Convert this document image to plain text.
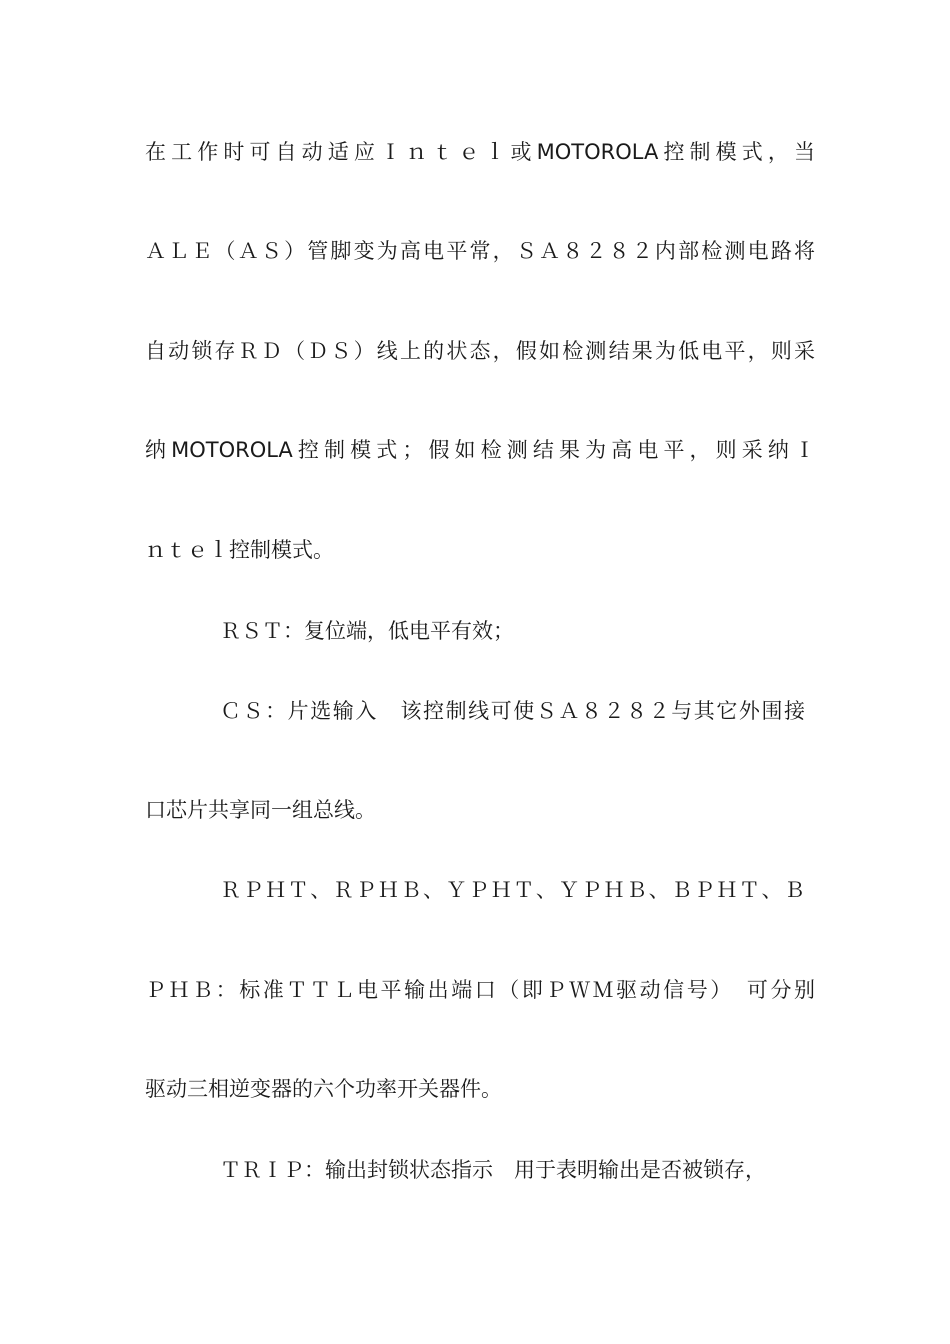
在工作时可自动适应Ｉｎｔｅｌ或MOTOROLA控制模式，当
ＡＬＥ（ＡＳ）管脚变为高电平常，ＳＡ８２８２内部检测电路将
自动锁存ＲＤ（ＤＳ）线上的状态，假如检测结果为低电平，则采
纳MOTOROLA控制模式；假如检测结果为高电平，则采纳Ｉ
ｎｔｅｌ控制模式。
ＲＳＴ：复位端，低电平有效；
ＣＳ：片选输入　该控制线可使ＳＡ８２８２与其它外围接
口芯片共享同一组总线。
ＲＰＨＴ、ＲＰＨＢ、ＹＰＨＴ、ＹＰＨＢ、ＢＰＨＴ、Ｂ
ＰＨＢ：标准ＴＴＬ电平输出端口（即ＰＷＭ驱动信号）　可分别
驱动三相逆变器的六个功率开关器件。
ＴＲＩＰ：输出封锁状态指示　用于表明输出是否被锁存，
